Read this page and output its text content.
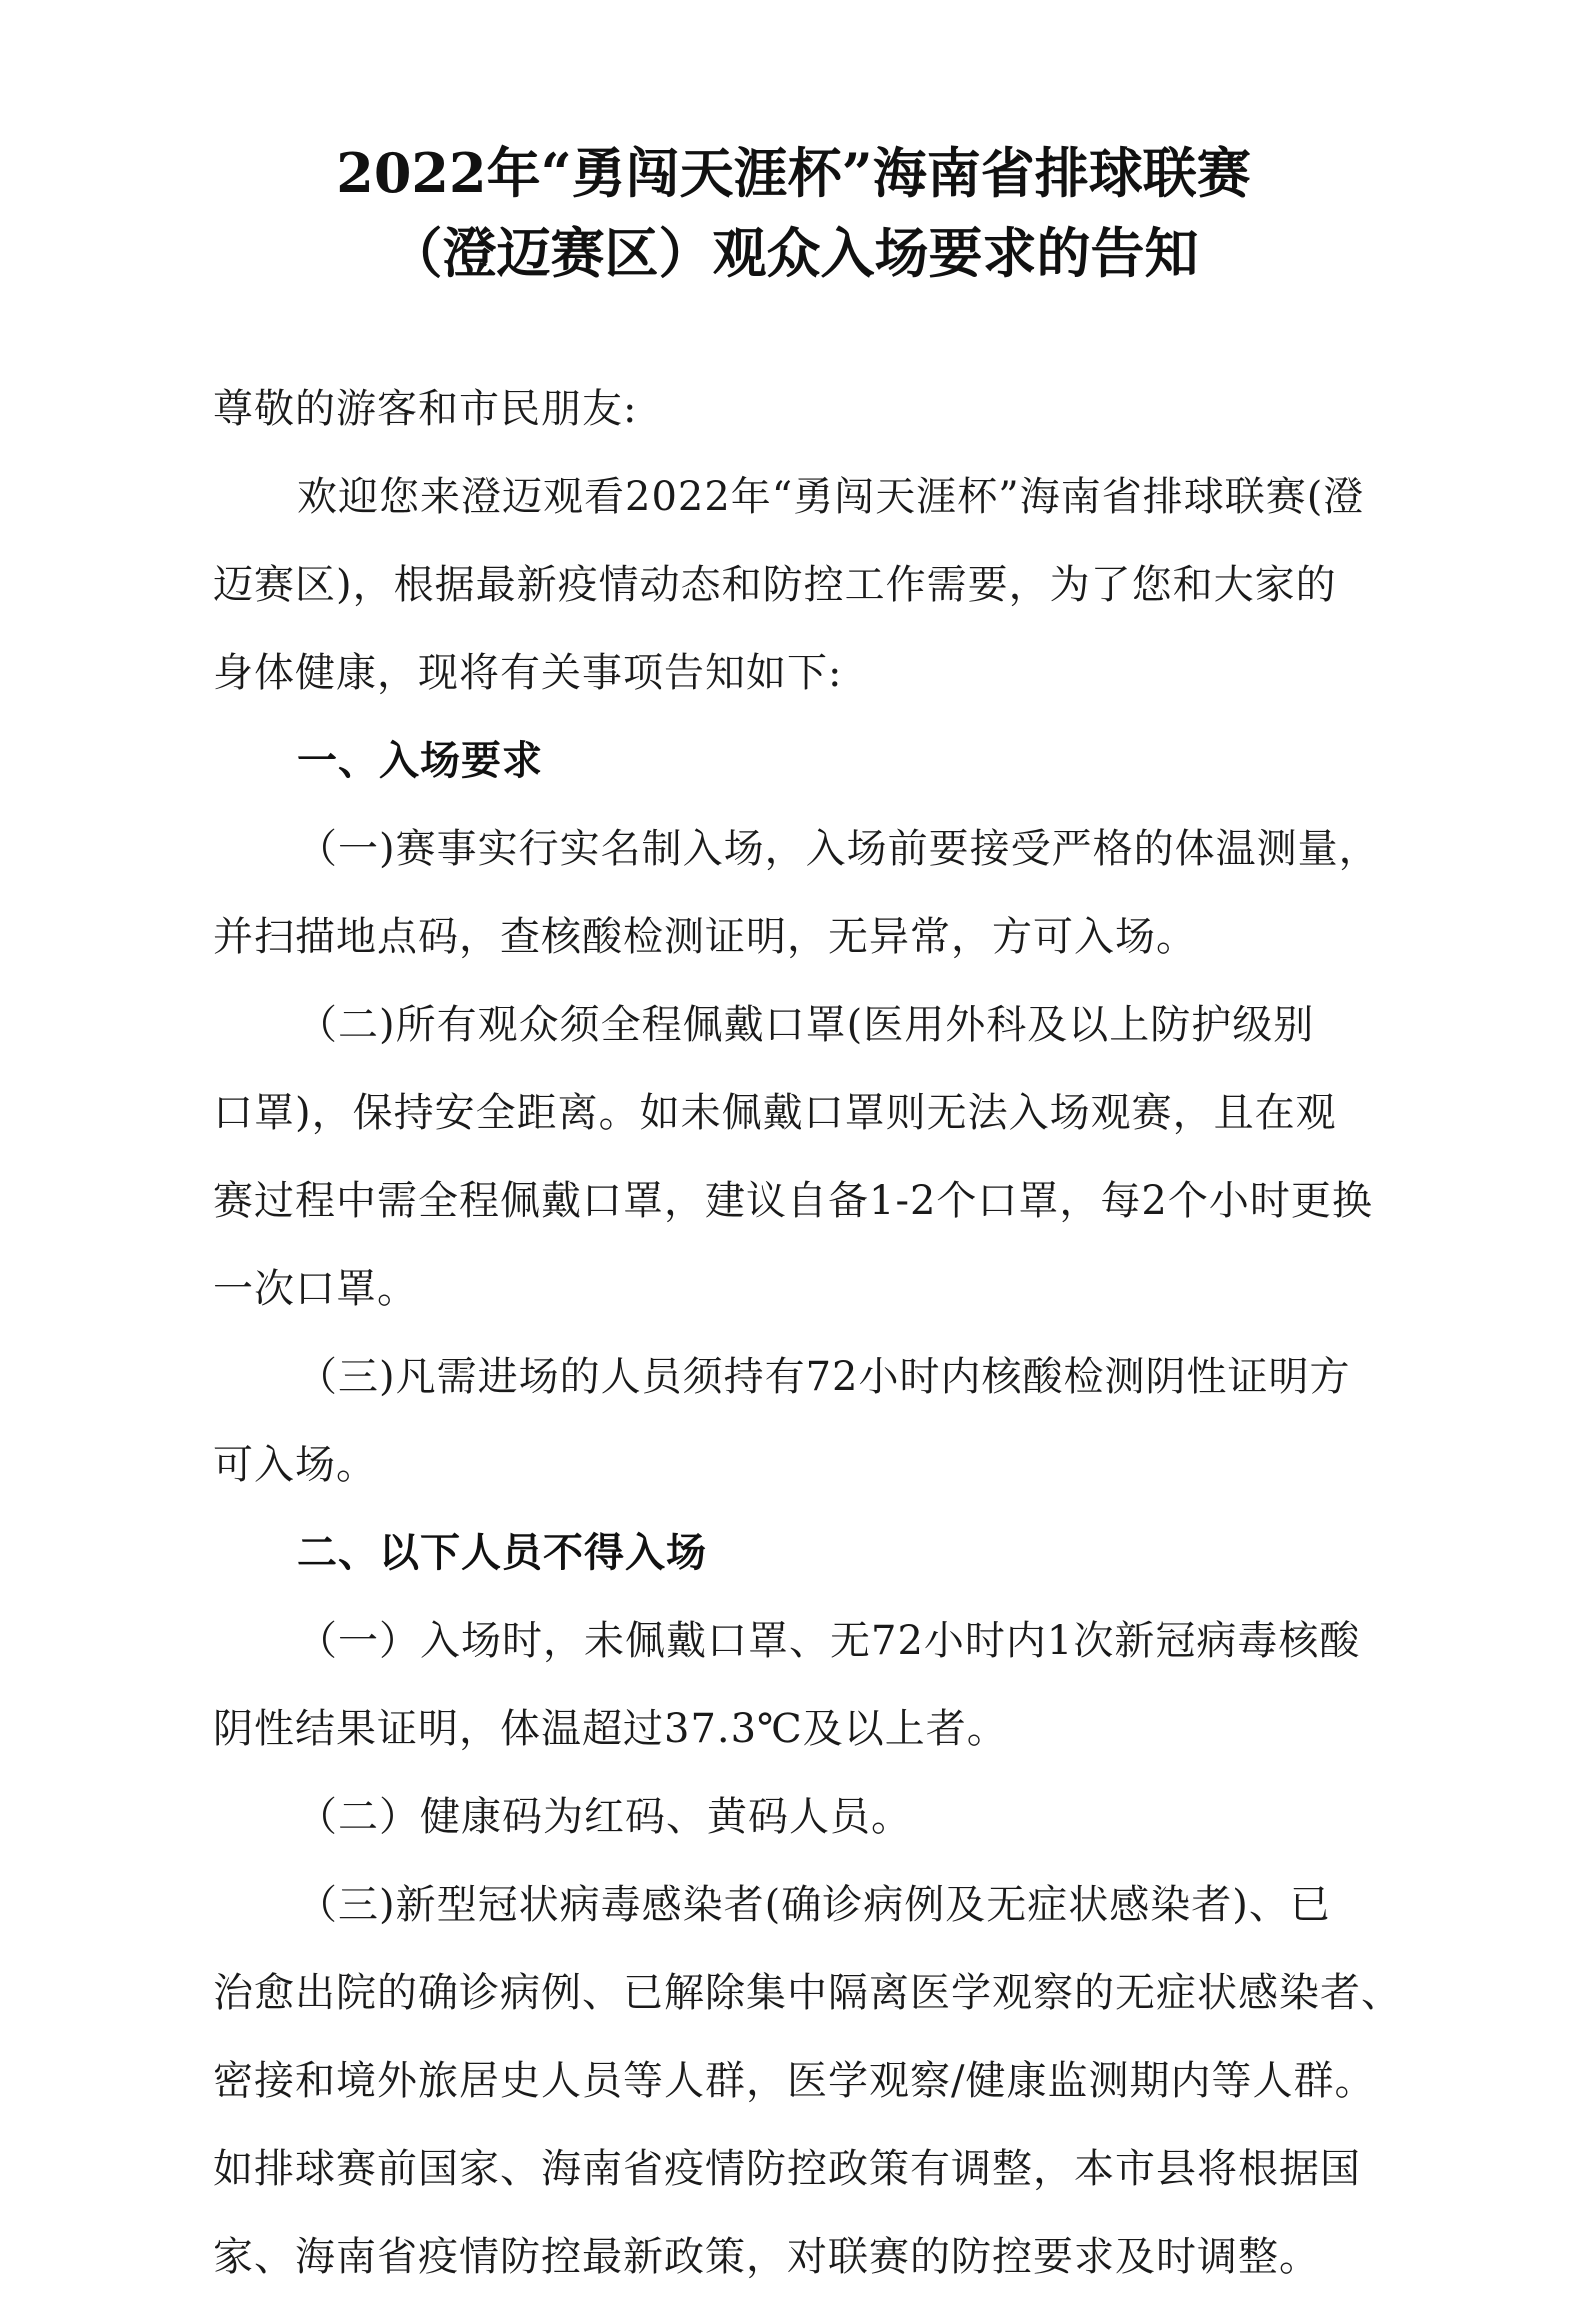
2022年“勇闯天涯杯”海南省排球联赛
（澄迈赛区）观众入场要求的告知

尊敬的游客和市民朋友:

欢迎您来澄迈观看2022年“勇闯天涯杯”海南省排球联赛(澄
迈赛区)，根据最新疫情动态和防控工作需要，为了您和大家的
身体健康，现将有关事项告知如下:

一、入场要求

（一)赛事实行实名制入场，入场前要接受严格的体温测量，
并扫描地点码，查核酸检测证明，无异常，方可入场。

（二)所有观众须全程佩戴口罩(医用外科及以上防护级别
口罩)，保持安全距离。如未佩戴口罩则无法入场观赛，且在观
赛过程中需全程佩戴口罩，建议自备1-2个口罩，每2个小时更换
一次口罩。

（三)凡需进场的人员须持有72小时内核酸检测阴性证明方
可入场。

二、以下人员不得入场

（一）入场时，未佩戴口罩、无72小时内1次新冠病毒核酸
阴性结果证明，体温超过37.3℃及以上者。

（二）健康码为红码、黄码人员。

（三)新型冠状病毒感染者(确诊病例及无症状感染者)、已
治愈出院的确诊病例、已解除集中隔离医学观察的无症状感染者、
密接和境外旅居史人员等人群，医学观察/健康监测期内等人群。
如排球赛前国家、海南省疫情防控政策有调整，本市县将根据国
家、海南省疫情防控最新政策，对联赛的防控要求及时调整。
